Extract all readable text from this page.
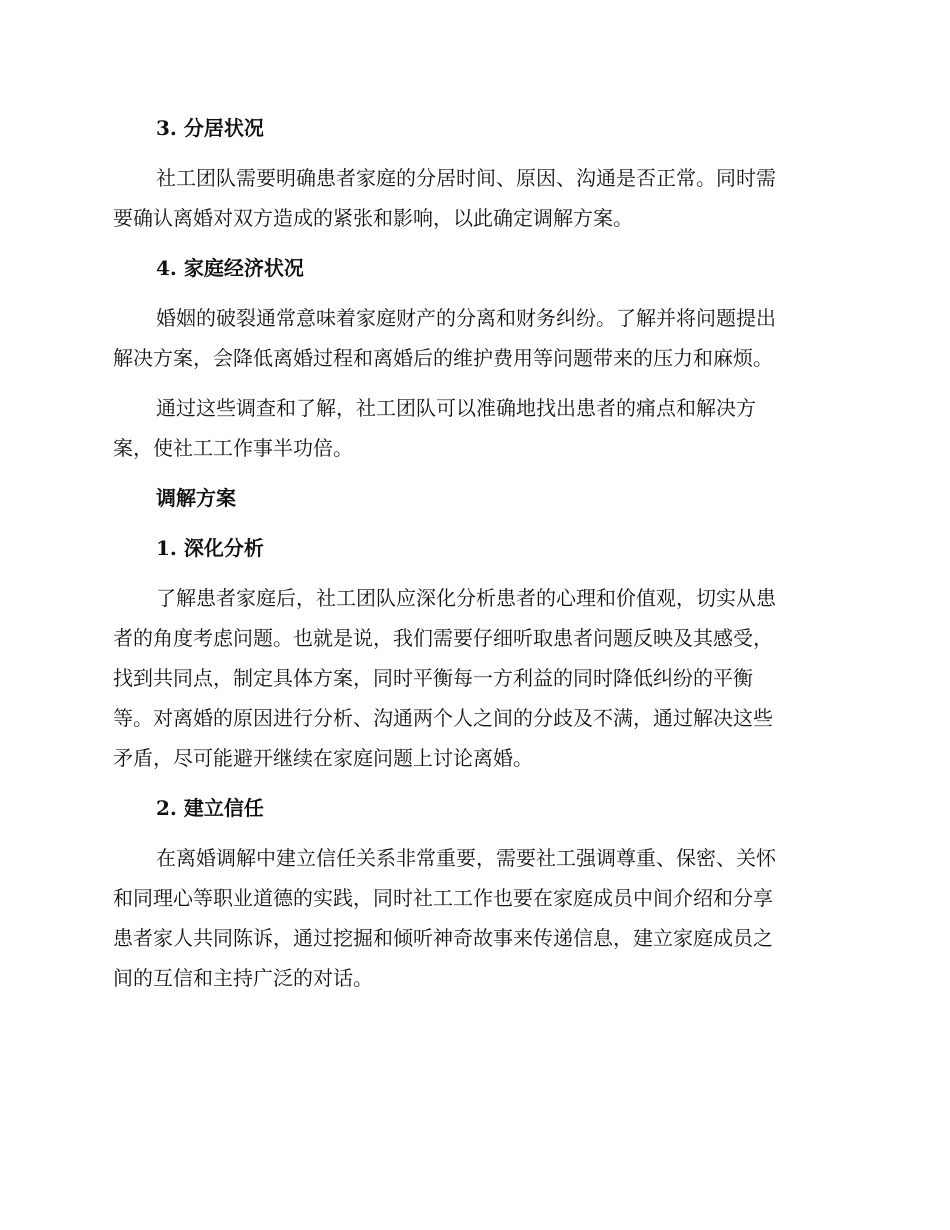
3. 分居状况
社工团队需要明确患者家庭的分居时间、原因、沟通是否正常。同时需
要确认离婚对双方造成的紧张和影响，以此确定调解方案。
4. 家庭经济状况
婚姻的破裂通常意味着家庭财产的分离和财务纠纷。了解并将问题提出
解决方案，会降低离婚过程和离婚后的维护费用等问题带来的压力和麻烦。
通过这些调查和了解，社工团队可以准确地找出患者的痛点和解决方
案，使社工工作事半功倍。
调解方案
1. 深化分析
了解患者家庭后，社工团队应深化分析患者的心理和价值观，切实从患
者的角度考虑问题。也就是说，我们需要仔细听取患者问题反映及其感受，
找到共同点，制定具体方案，同时平衡每一方利益的同时降低纠纷的平衡
等。对离婚的原因进行分析、沟通两个人之间的分歧及不满，通过解决这些
矛盾，尽可能避开继续在家庭问题上讨论离婚。
2. 建立信任
在离婚调解中建立信任关系非常重要，需要社工强调尊重、保密、关怀
和同理心等职业道德的实践，同时社工工作也要在家庭成员中间介绍和分享
患者家人共同陈诉，通过挖掘和倾听神奇故事来传递信息，建立家庭成员之
间的互信和主持广泛的对话。
